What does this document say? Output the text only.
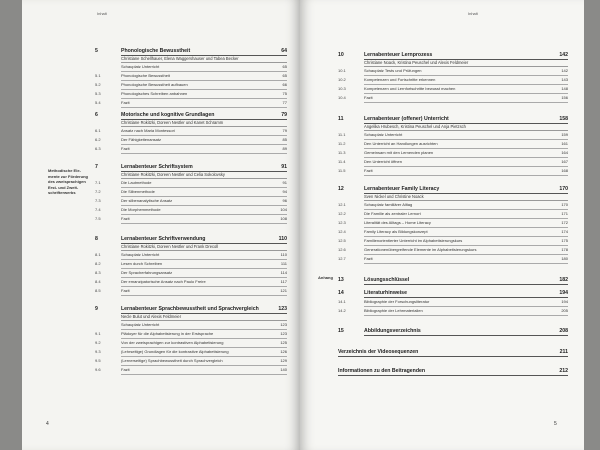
Inhalt
Methodische Ele-
mente zur Förderung
des zweisprachigen
Erst- und Zweit-
schrifterwerbs
5	Phonologische Bewusstheit	64
Christiane Schellhauer, Elena Waggershauser und Tabea Becker
Schauplatz Unterricht	65
5.1	Phonologische Bewusstheit	65
5.2	Phonologische Bewusstheit aufbauen	66
5.3	Phonologisches Schreiben anbahnen	75
5.4	Fazit	77
6	Motorische und kognitive Grundlagen	79
Christiane Rokitzki, Doreen Nestler und Kanet Schramm
6.1	Ansatz nach Maria Montessori	79
6.2	Der Fähigkeitenansatz	85
6.3	Fazit	89
7	Lernabenteuer Schriftsystem	91
Christiane Rokitzki, Doreen Nestler und Celia Sokolovsky
7.1	Die Lautmethode	91
7.2	Die Silbenmethode	94
7.3	Der silbenanalytische Ansatz	96
7.4	Die Morphemmethode	104
7.5	Fazit	108
8	Lernabenteuer Schriftverwendung	110
Christiane Rokitzki, Doreen Nestler und Frank Drecoll
8.1	Schauplatz Unterricht	110
8.2	Lesen durch Schreiben	111
8.3	Der Spracherfahrungsansatz	114
8.4	Der emanzipatorische Ansatz nach Paulo Freire	117
8.5	Fazit	121
9	Lernabenteuer Sprachbewusstheit und Sprachvergleich	123
Necle Bulut und Alexis Feldmeier
Schauplatz Unterricht	123
9.1	Plädoyer für die Alphabetisierung in der Erstsprache	123
9.2	Von der zweisprachigen zur kontrastiven Alphabetisierung	125
9.3	(Lehrseitige) Grundlagen für die kontrastive Alphabetisierung	126
9.5	(Lernerseitige) Sprachbewusstheit durch Sprachvergleich	129
9.6	Fazit	140
4
Inhalt
Anhang
10	Lernabenteuer Lernprozess	142
Christiane Noack, Kristina Peuschel und Alexis Feldmeier
10.1	Schauplatz Tests und Prüfungen	142
10.2	Kompetenzen und Fortschritte erkennen	143
10.3	Kompetenzen und Lernfortschritte bewusst machen	148
10.4	Fazit	156
11	Lernabenteuer (offener) Unterricht	158
Angelika Hrubesch, Kristina Peuschel und Anja Pietzsch
11.1	Schauplatz Unterricht	159
11.2	Den Unterricht an Handlungen ausrichten	161
11.3	Gemeinsam mit den Lernenden planen	164
11.4	Den Unterricht öffnen	167
11.5	Fazit	168
12	Lernabenteuer Family Literacy	170
Sven Nickel und Christine Noack
12.1	Schauplatz familiärer Alltag	170
12.2	Die Familie als zentraler Lernort	171
12.3	Literalität des Alltags – Home Literacy	172
12.4	Family Literacy als Bildungskonzept	174
12.5	Familienorientierter Unterricht im Alphabetisierungskurs	175
12.6	Generationenübergreifende Elemente im Alphabetisierungskurs	178
12.7	Fazit	180
13	Lösungsschlüssel	182
14	Literaturhinweise	194
14.1	Bibliographie der Forschungsliteratur	194
14.2	Bibliographie der Lehrmaterialien	205
15	Abbildungsverzeichnis	208
Verzeichnis der Videosequenzen	211
Informationen zu den Beitragenden	212
5
